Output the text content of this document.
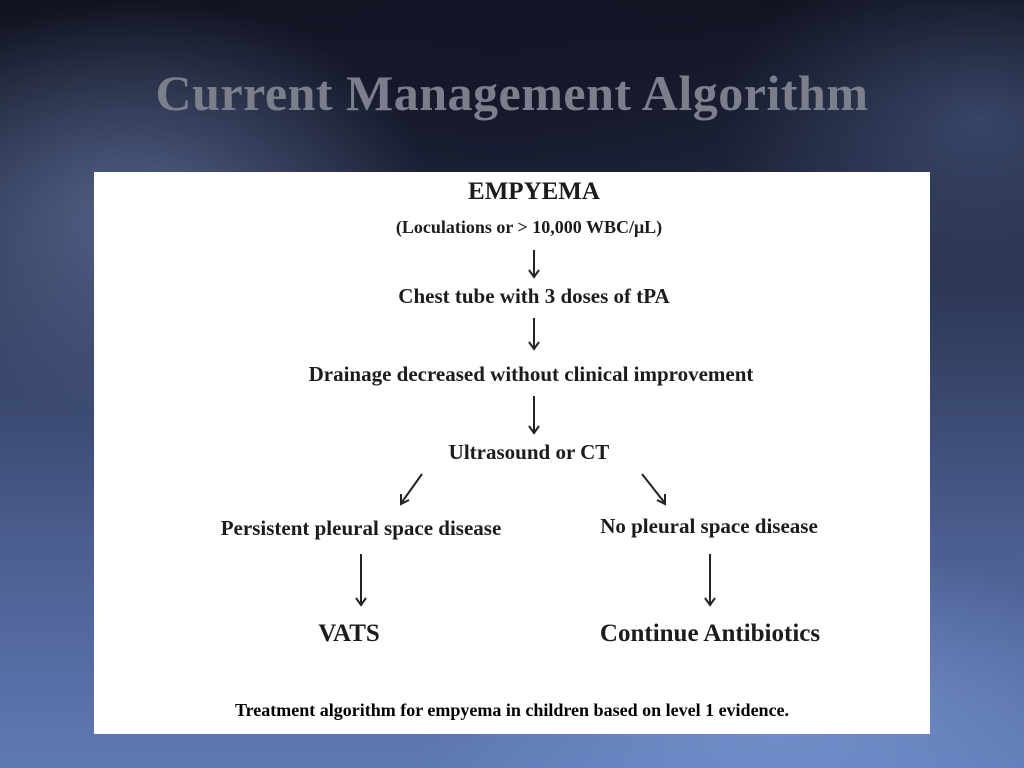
Current Management Algorithm
EMPYEMA
(Loculations or > 10,000 WBC/μL)
Chest tube with 3 doses of tPA
Drainage decreased without clinical improvement
Ultrasound or CT
Persistent pleural space disease	No pleural space disease
VATS	Continue Antibiotics
Treatment algorithm for empyema in children based on level 1 evidence.
